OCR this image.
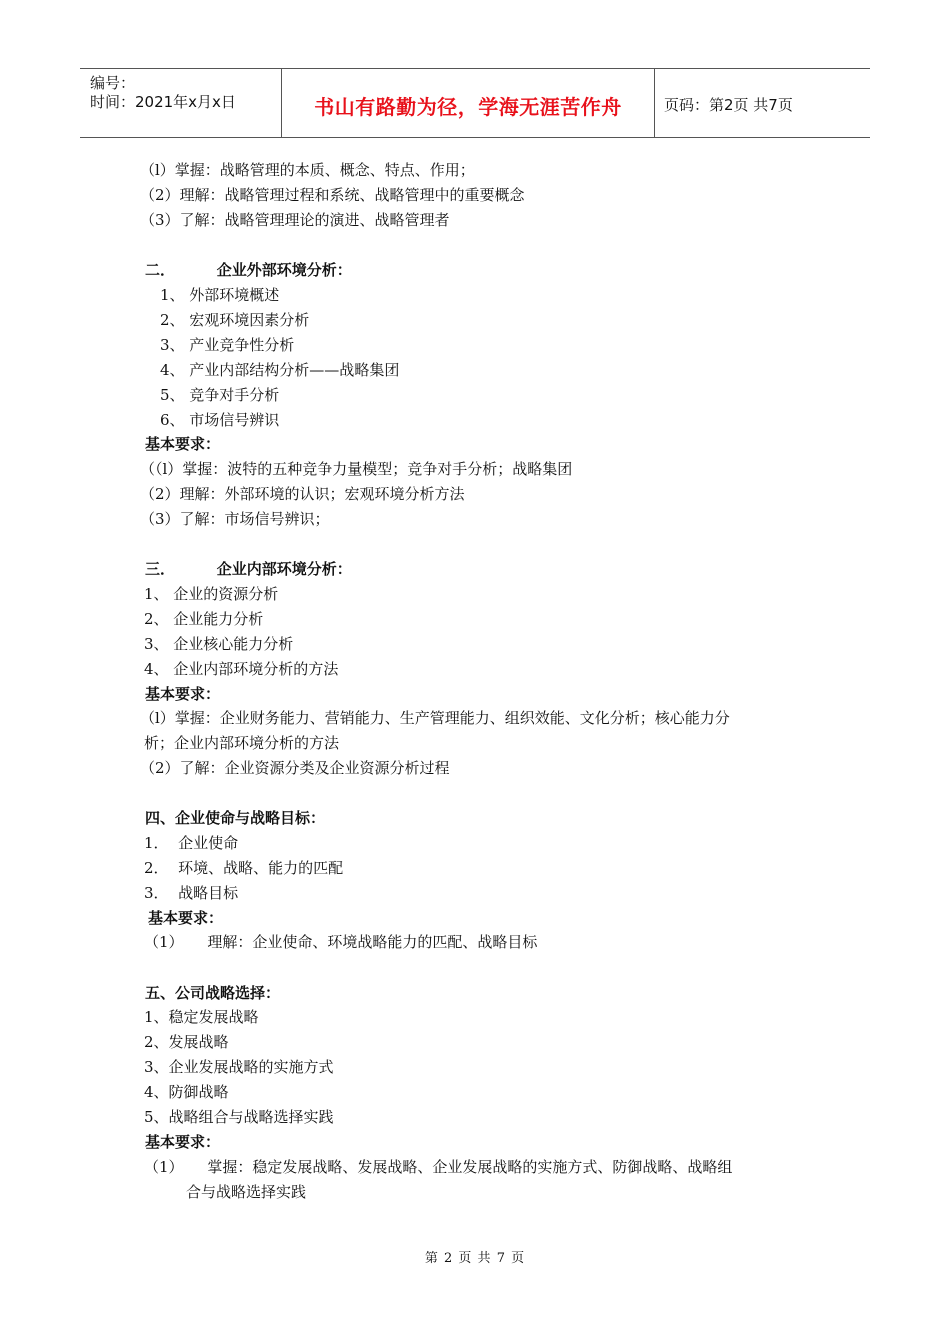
编号：
时间：2021年x月x日	书山有路勤为径，学海无涯苦作舟	页码：第2页 共7页
（l）掌握：战略管理的本质、概念、特点、作用；
（2）理解：战略管理过程和系统、战略管理中的重要概念
（3）了解：战略管理理论的演进、战略管理者
二．        企业外部环境分析：
1、 外部环境概述
2、 宏观环境因素分析
3、 产业竞争性分析
4、 产业内部结构分析——战略集团
5、 竞争对手分析
6、 市场信号辨识
基本要求：
（（l）掌握：波特的五种竞争力量模型；竞争对手分析；战略集团
（2）理解：外部环境的认识；宏观环境分析方法
（3）了解：市场信号辨识；
三．        企业内部环境分析：
1、 企业的资源分析
2、 企业能力分析
3、 企业核心能力分析
4、 企业内部环境分析的方法
基本要求：
（l）掌握：企业财务能力、营销能力、生产管理能力、组织效能、文化分析；核心能力分
析；企业内部环境分析的方法
（2）了解：企业资源分类及企业资源分析过程
四、企业使命与战略目标：
1．  企业使命
2．  环境、战略、能力的匹配
3．  战略目标
基本要求：
（1）     理解：企业使命、环境战略能力的匹配、战略目标
五、公司战略选择：
1、稳定发展战略
2、发展战略
3、企业发展战略的实施方式
4、防御战略
5、战略组合与战略选择实践
基本要求：
（1）     掌握：稳定发展战略、发展战略、企业发展战略的实施方式、防御战略、战略组
合与战略选择实践
第 2 页 共 7 页
